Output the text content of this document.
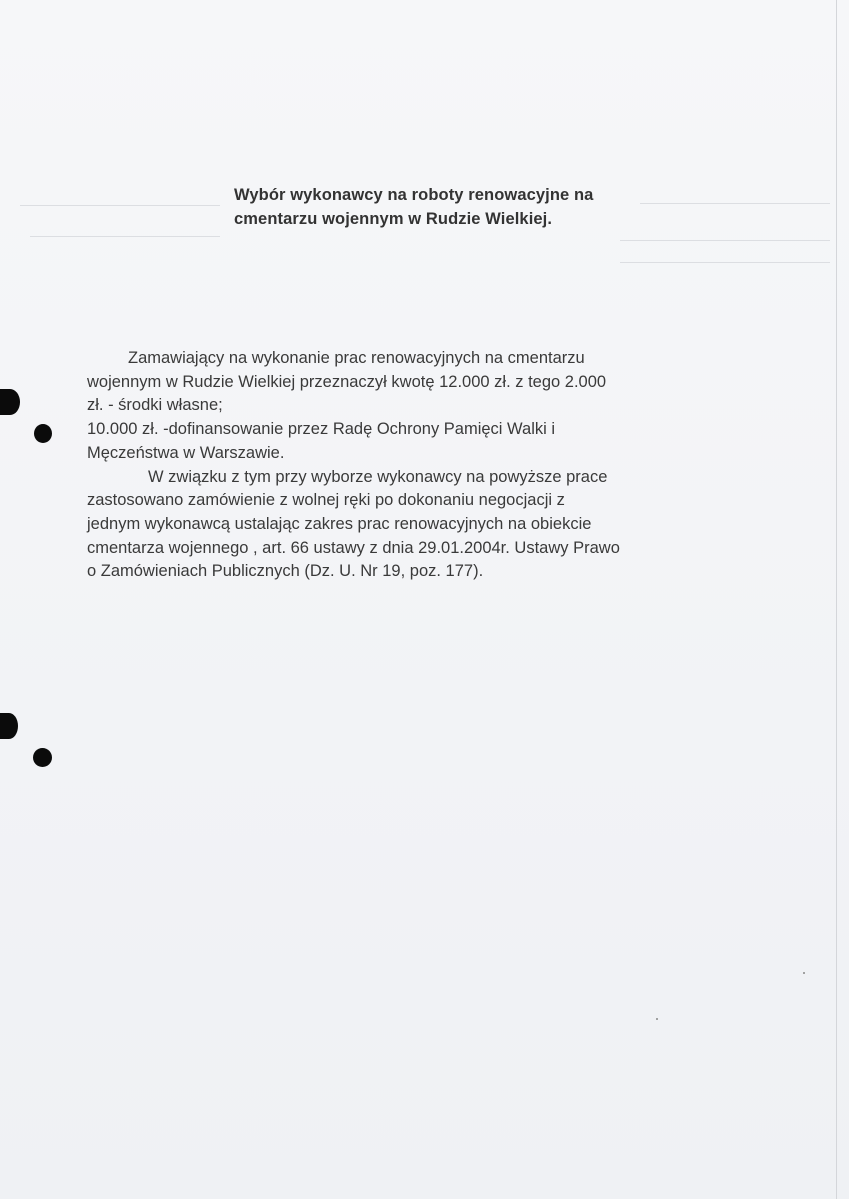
Wybór wykonawcy na roboty renowacyjne na
cmentarzu wojennym w Rudzie Wielkiej.
Zamawiający na wykonanie prac renowacyjnych na cmentarzu
wojennym w Rudzie Wielkiej przeznaczył kwotę 12.000 zł. z tego 2.000
zł. - środki własne;
10.000 zł. -dofinansowanie przez Radę Ochrony Pamięci Walki i
Męczeństwa w Warszawie.
W związku z tym przy wyborze wykonawcy na powyższe prace
zastosowano zamówienie z wolnej ręki po dokonaniu negocjacji z
jednym wykonawcą ustalając zakres prac renowacyjnych na obiekcie
cmentarza wojennego , art. 66 ustawy z dnia 29.01.2004r. Ustawy Prawo
o Zamówieniach Publicznych (Dz. U. Nr 19, poz. 177).
